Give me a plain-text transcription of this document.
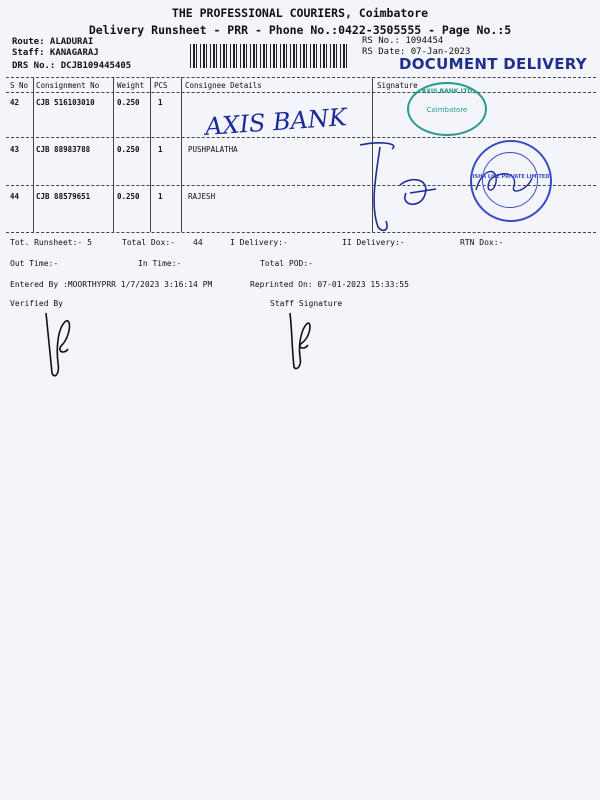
THE PROFESSIONAL COURIERS, Coimbatore
Delivery Runsheet - PRR - Phone No.:0422-3505555 - Page No.:5
Route: ALADURAI
Staff: KANAGARAJ
DRS No.: DCJB109445405
RS No.: 1094454
RS Date: 07-Jan-2023
DOCUMENT DELIVERY
S No Consignment No Weight PCS Consignee Details	Signature
42 CJB 516103010	0.250 1
AXIS BANK
43 CJB 88983788	0.250 1	PUSHPALATHA
44 CJB 88579651	0.250 1	RAJESH
AXIS BANK LTD
Coimbatore
ISHA LIFE PRIVATE LIMITED
Tot. Runsheet:- 5	Total Dox:- 44	I Delivery:-	II Delivery:-	RTN Dox:-
Out Time:-	In Time:-	Total POD:-
Entered By :MOORTHYPRR 1/7/2023 3:16:14 PM	Reprinted On: 07-01-2023 15:33:55
Verified By	Staff Signature
